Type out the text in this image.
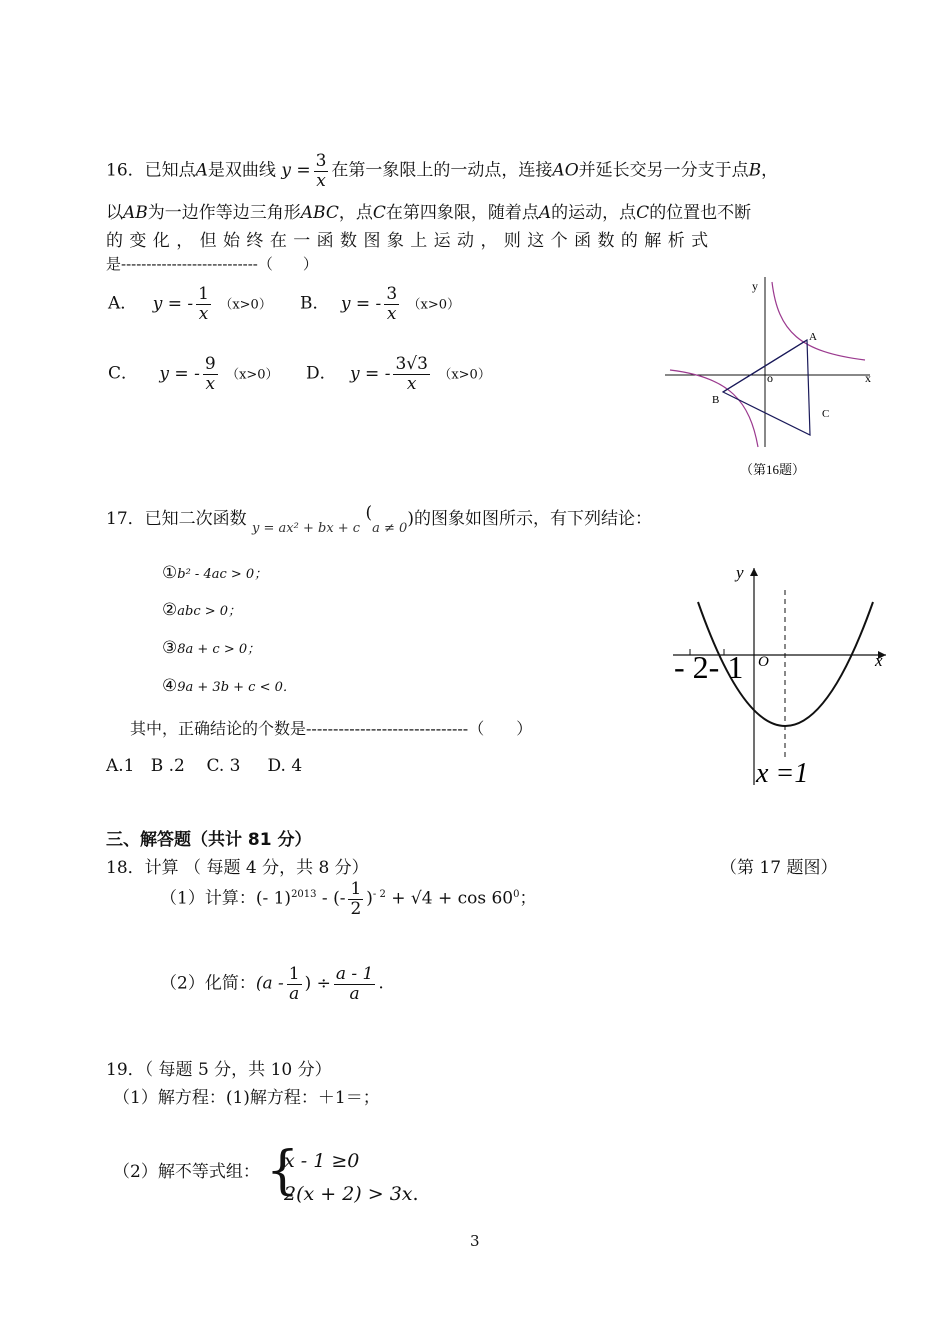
16．已知点A是双曲线 $y = \frac{3}{x}$ 在第一象限上的一动点，连接AO并延长交另一分支于点B，
以AB为一边作等边三角形ABC，点C在第四象限，随着点A的运动，点C的位置也不断
的 变 化 ， 但 始 终 在 一 函 数 图 象 上 运 动 ， 则 这 个 函 数 的 解 析 式
是---------------------------（　　）
A． y = - $\frac{1}{x} (x>0)$ B． y = - $\frac{3}{x} (x>0)$
C． y = - $\frac{9}{x} (x>0)$ D． y = - $\frac{3√3}{x} (x>0)$
y
x
o
A
B
C
（第16题）
17．已知二次函数 $_{y = ax^2 + bx + c}$ $(_{a \ne 0})$的图象如图所示，有下列结论：
①b² - 4ac > 0；
②abc > 0；
③8a + c > 0；
④9a + 3b + c < 0．
其中，正确结论的个数是------------------------------（　　）
A.1   B .2    C. 3     D. 4
y
x
O
- 2- 1
x =1
三、解答题（共计 81 分）
18．计算 （ 每题 4 分，共 8 分）	（第 17 题图）
（1）计算：(- 1)$^{2013}$ - (- $\frac{1}{2} )^{- 2} + √4 + \cos 60^0$；
（2）化简：($a - \frac{1}{a}$ ) ÷ $\frac{a - 1}{a}$ .
19．（ 每题 5 分，共 10 分）
（1）解方程：(1)解方程：＋1＝；
（2）解不等式组： {
x - 1 ≥0
2(x + 2) > 3x.
3
